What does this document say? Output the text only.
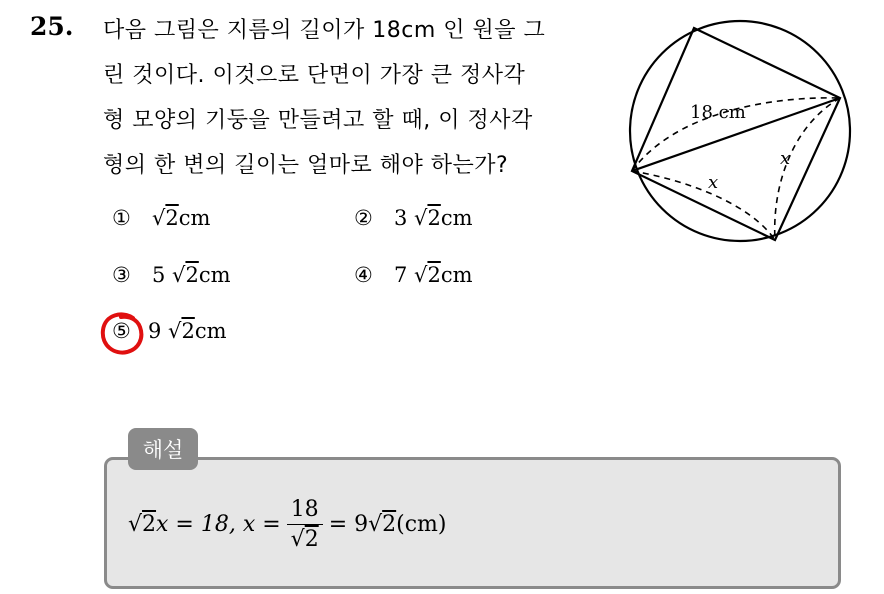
25. 다음 그림은 지름의 길이가 18cm 인 원을 그
린 것이다. 이것으로 단면이 가장 큰 정사각
형 모양의 기둥을 만들려고 할 때, 이 정사각
형의 한 변의 길이는 얼마로 해야 하는가?
① √2cm	② 3 √2cm
③ 5 √2cm	④ 7 √2cm
⑤ 9 √2cm
18 cm
x
x
해설
√2 x = 18, $x = \frac{18}{√2} = 9$ √2 (cm)
